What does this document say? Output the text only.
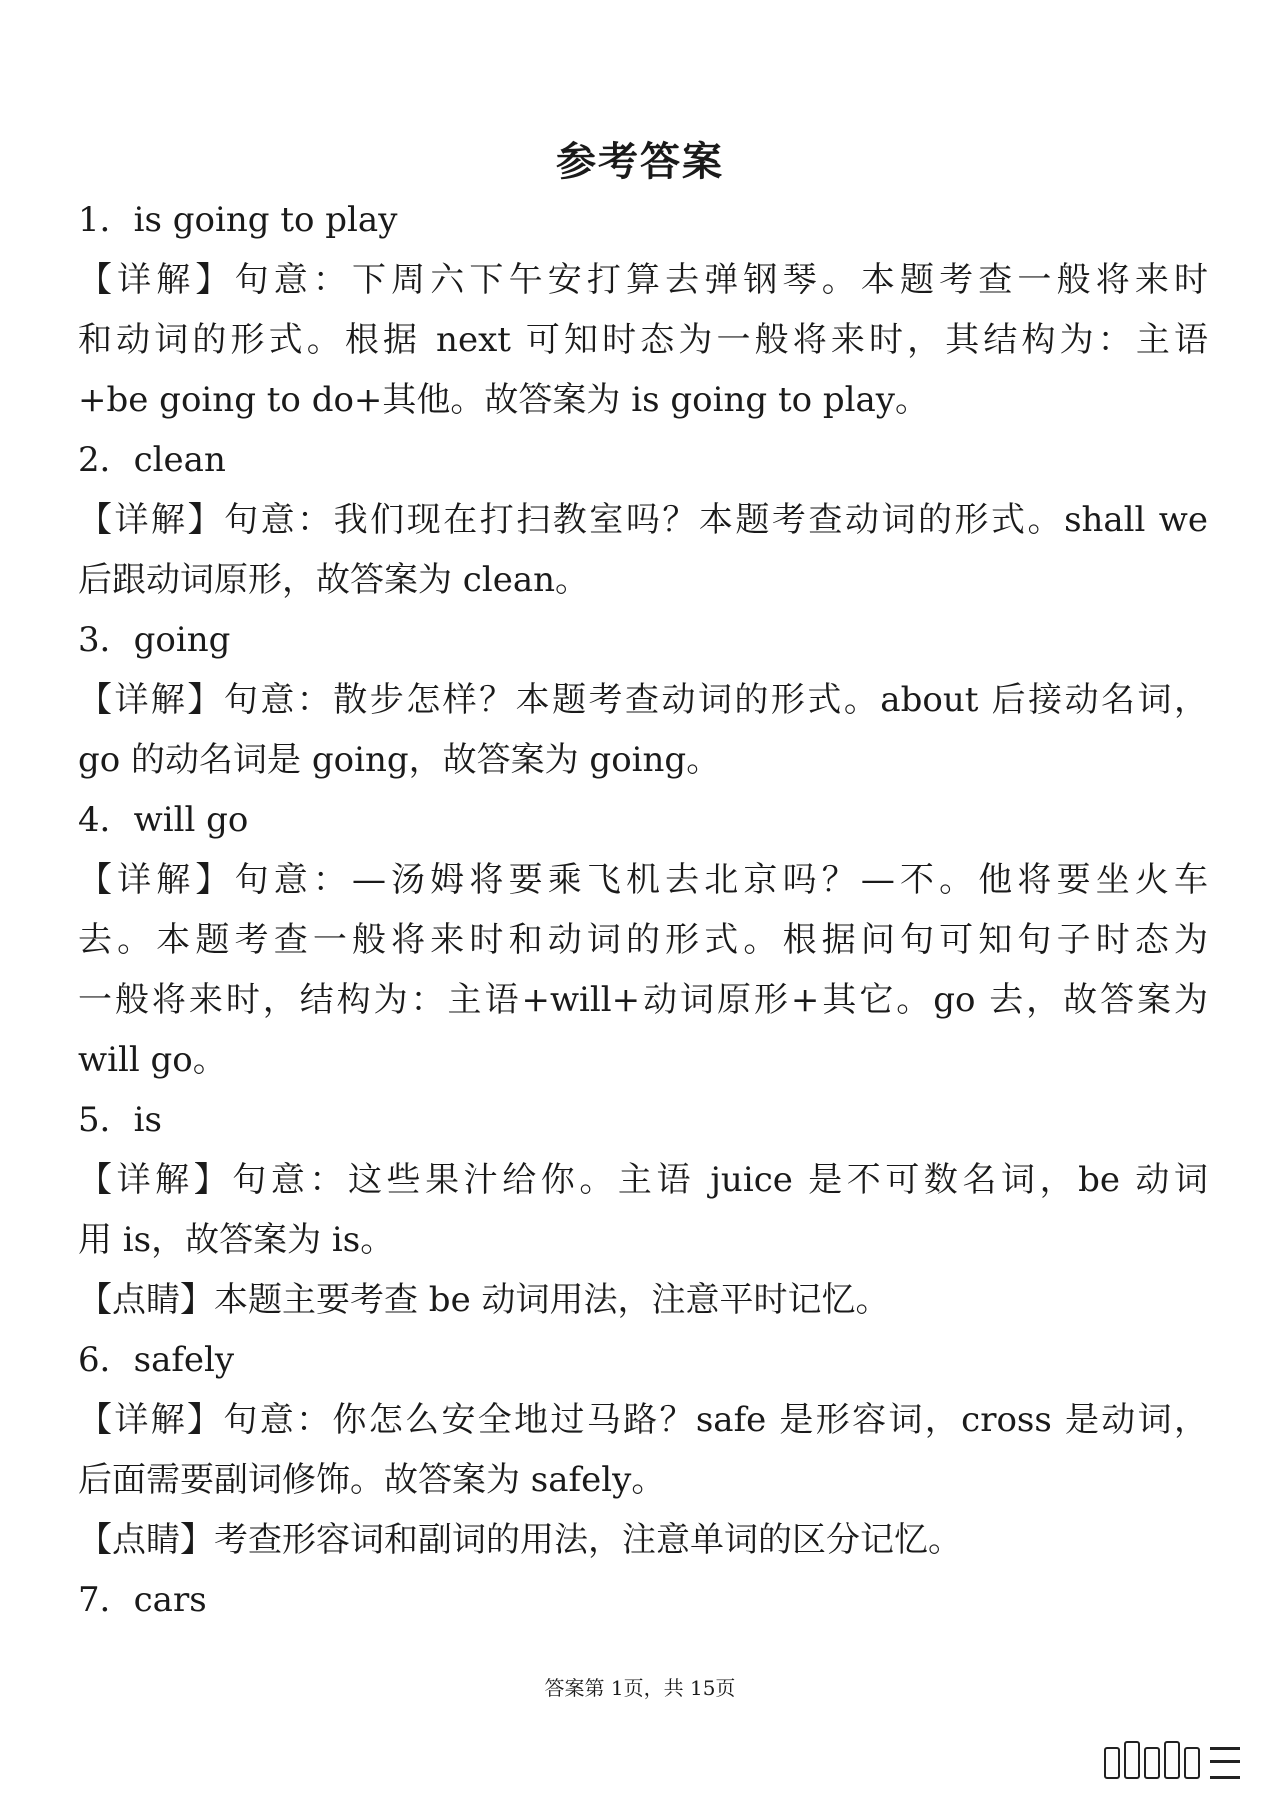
参考答案
1．is going to play
【详解】句意：下周六下午安打算去弹钢琴。本题考查一般将来时
和动词的形式。根据 next 可知时态为一般将来时，其结构为：主语
+be going to do+其他。故答案为 is going to play。
2．clean
【详解】句意：我们现在打扫教室吗？本题考查动词的形式。shall we
后跟动词原形，故答案为 clean。
3．going
【详解】句意：散步怎样？本题考查动词的形式。about 后接动名词，
go 的动名词是 going，故答案为 going。
4．will go
【详解】句意：—汤姆将要乘飞机去北京吗？—不。他将要坐火车
去。本题考查一般将来时和动词的形式。根据问句可知句子时态为
一般将来时，结构为：主语+will+动词原形+其它。go 去，故答案为
will go。
5．is
【详解】句意：这些果汁给你。主语 juice 是不可数名词，be 动词
用 is，故答案为 is。
【点睛】本题主要考查 be 动词用法，注意平时记忆。
6．safely
【详解】句意：你怎么安全地过马路？safe 是形容词，cross 是动词，
后面需要副词修饰。故答案为 safely。
【点睛】考查形容词和副词的用法，注意单词的区分记忆。
7．cars
答案第 1页，共 15页
